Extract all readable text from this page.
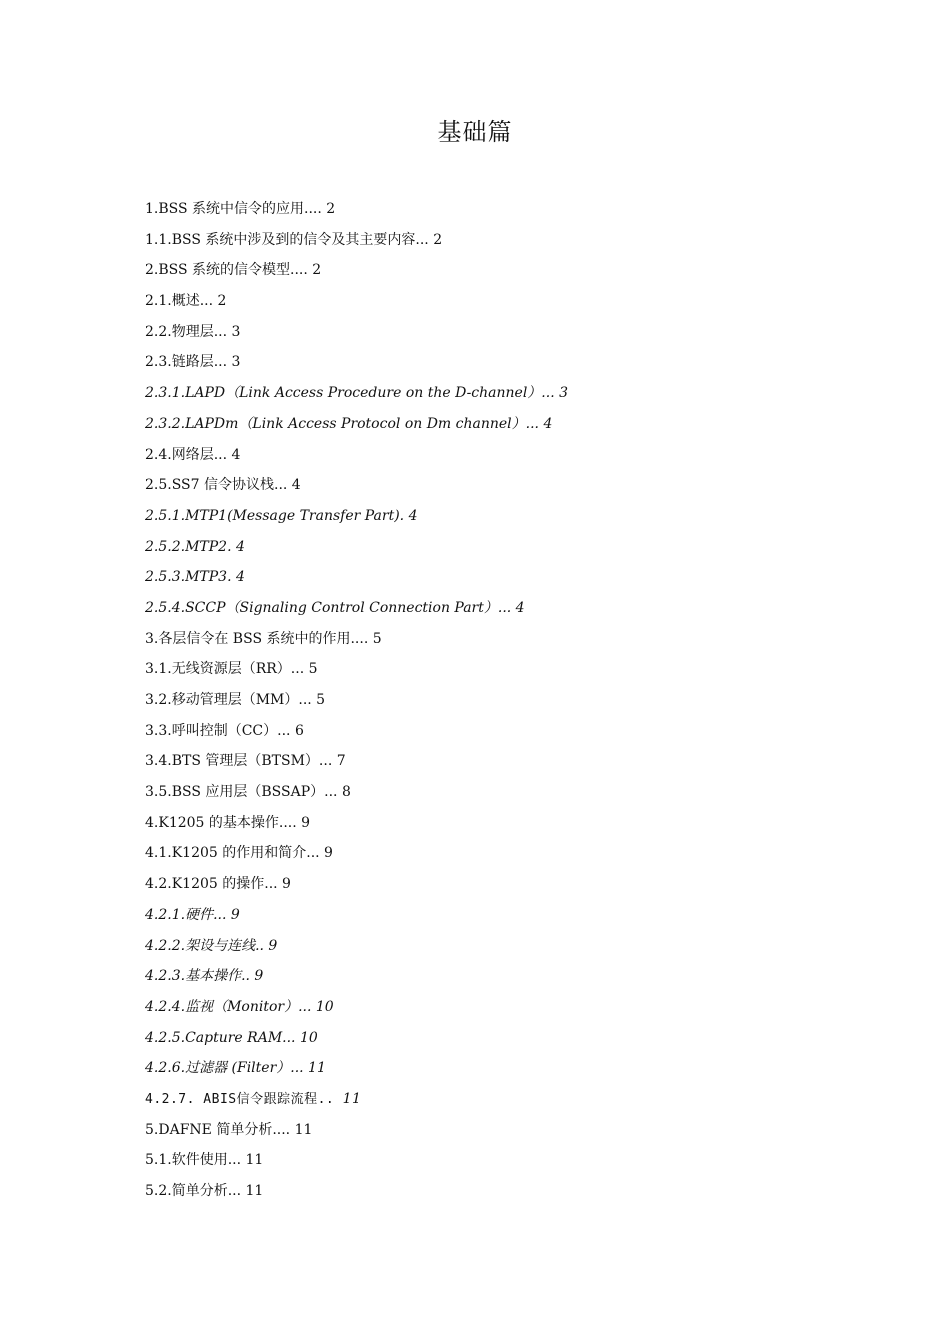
基础篇
1.BSS 系统中信令的应用.... 2
1.1.BSS 系统中涉及到的信令及其主要内容... 2
2.BSS 系统的信令模型.... 2
2.1.概述... 2
2.2.物理层... 3
2.3.链路层... 3
2.3.1.LAPD（Link Access Procedure on the D-channel）... 3
2.3.2.LAPDm（Link Access Protocol on Dm channel）... 4
2.4.网络层... 4
2.5.SS7 信令协议栈... 4
2.5.1.MTP1(Message Transfer Part). 4
2.5.2.MTP2. 4
2.5.3.MTP3. 4
2.5.4.SCCP（Signaling Control Connection Part）... 4
3.各层信令在 BSS 系统中的作用.... 5
3.1.无线资源层（RR）... 5
3.2.移动管理层（MM）... 5
3.3.呼叫控制（CC）... 6
3.4.BTS 管理层（BTSM）... 7
3.5.BSS 应用层（BSSAP）... 8
4.K1205 的基本操作.... 9
4.1.K1205 的作用和简介... 9
4.2.K1205 的操作... 9
4.2.1.硬件... 9
4.2.2.架设与连线.. 9
4.2.3.基本操作.. 9
4.2.4.监视（Monitor）... 10
4.2.5.Capture RAM... 10
4.2.6.过滤器 (Filter）... 11
4.2.7. ABIS信令跟踪流程.. 11
5.DAFNE 简单分析.... 11
5.1.软件使用... 11
5.2.简单分析... 11
